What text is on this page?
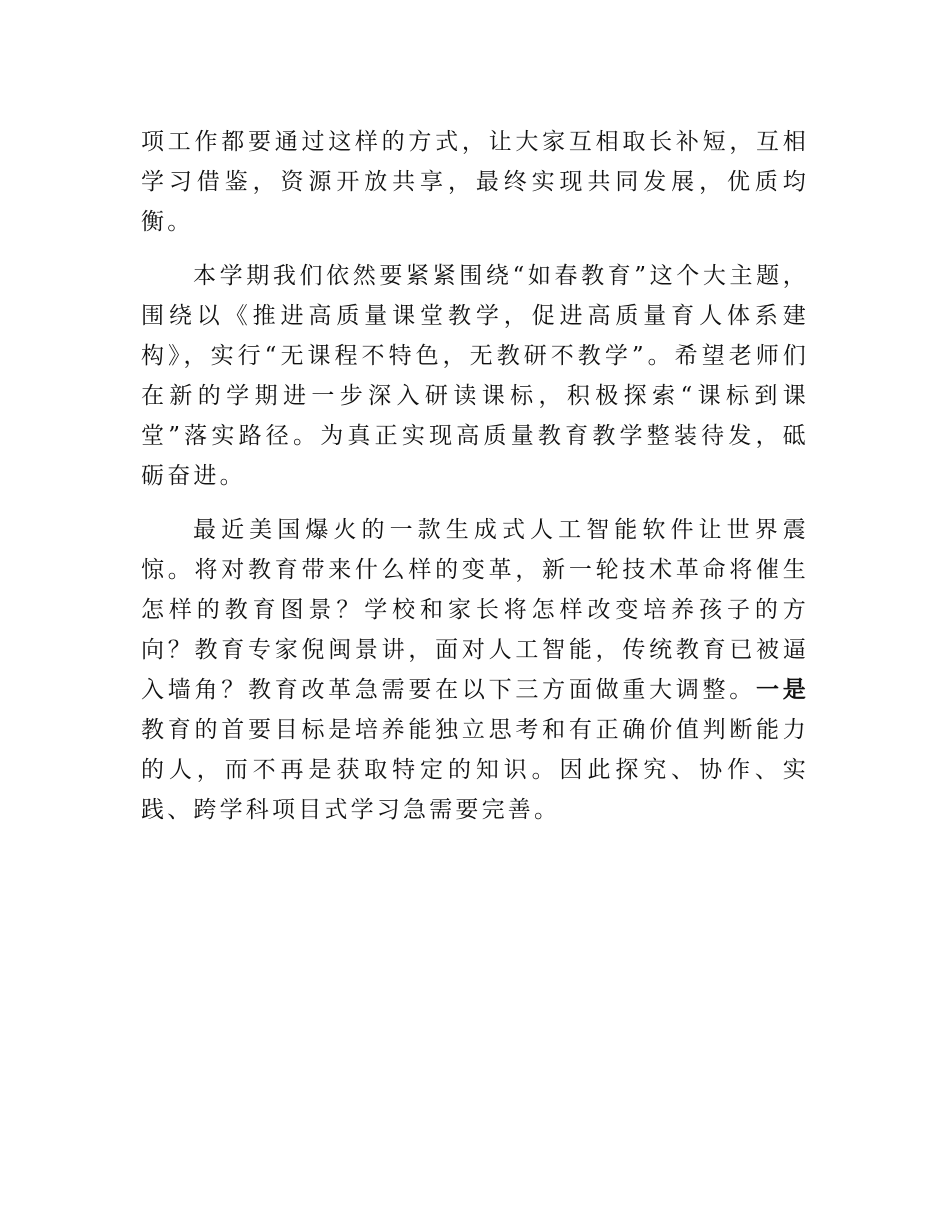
项工作都要通过这样的方式，让大家互相取长补短，互相学习借鉴，资源开放共享，最终实现共同发展，优质均衡。

本学期我们依然要紧紧围绕“如春教育”这个大主题，围绕以《推进高质量课堂教学，促进高质量育人体系建构》，实行“无课程不特色，无教研不教学”。希望老师们在新的学期进一步深入研读课标，积极探索“课标到课堂”落实路径。为真正实现高质量教育教学整装待发，砥砺奋进。

最近美国爆火的一款生成式人工智能软件让世界震惊。将对教育带来什么样的变革，新一轮技术革命将催生怎样的教育图景？学校和家长将怎样改变培养孩子的方向？教育专家倪闽景讲，面对人工智能，传统教育已被逼入墙角？教育改革急需要在以下三方面做重大调整。一是教育的首要目标是培养能独立思考和有正确价值判断能力的人，而不再是获取特定的知识。因此探究、协作、实践、跨学科项目式学习急需要完善。
